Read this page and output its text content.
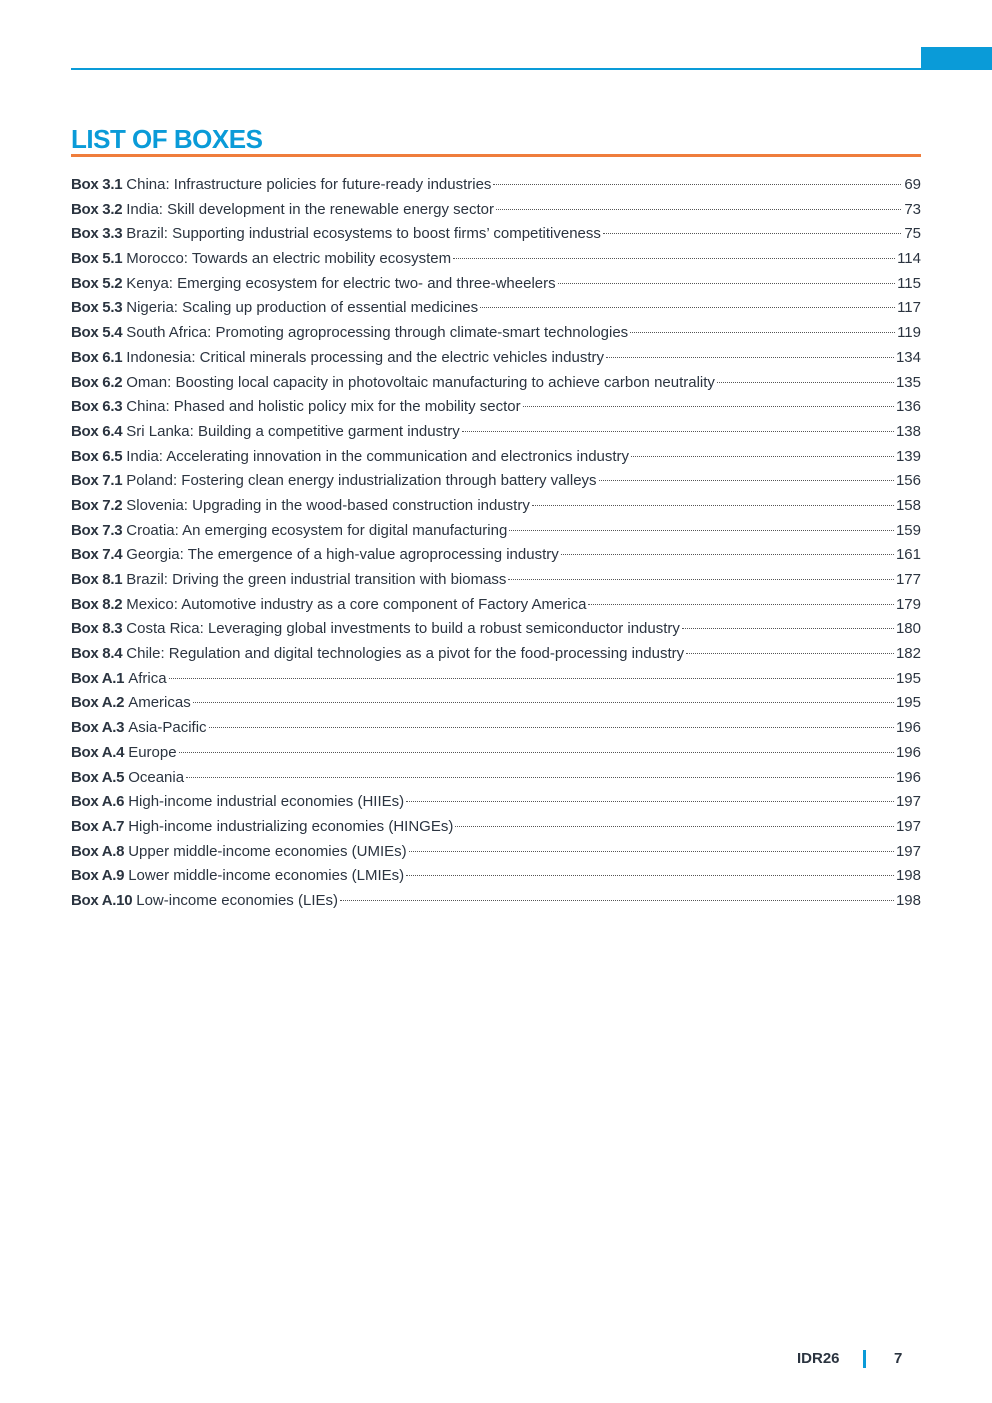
LIST OF BOXES
Box 3.1 China: Infrastructure policies for future-ready industries	69
Box 3.2 India: Skill development in the renewable energy sector	73
Box 3.3 Brazil: Supporting industrial ecosystems to boost firms’ competitiveness	75
Box 5.1 Morocco: Towards an electric mobility ecosystem	114
Box 5.2 Kenya: Emerging ecosystem for electric two- and three-wheelers	115
Box 5.3 Nigeria: Scaling up production of essential medicines	117
Box 5.4 South Africa: Promoting agroprocessing through climate-smart technologies	119
Box 6.1 Indonesia: Critical minerals processing and the electric vehicles industry	134
Box 6.2 Oman: Boosting local capacity in photovoltaic manufacturing to achieve carbon neutrality	135
Box 6.3 China: Phased and holistic policy mix for the mobility sector	136
Box 6.4 Sri Lanka: Building a competitive garment industry	138
Box 6.5 India: Accelerating innovation in the communication and electronics industry	139
Box 7.1 Poland: Fostering clean energy industrialization through battery valleys	156
Box 7.2 Slovenia: Upgrading in the wood-based construction industry	158
Box 7.3 Croatia: An emerging ecosystem for digital manufacturing	159
Box 7.4 Georgia: The emergence of a high-value agroprocessing industry	161
Box 8.1 Brazil: Driving the green industrial transition with biomass	177
Box 8.2 Mexico: Automotive industry as a core component of Factory America	179
Box 8.3 Costa Rica: Leveraging global investments to build a robust semiconductor industry	180
Box 8.4 Chile: Regulation and digital technologies as a pivot for the food-processing industry	182
Box A.1 Africa	195
Box A.2 Americas	195
Box A.3 Asia-Pacific	196
Box A.4 Europe	196
Box A.5 Oceania	196
Box A.6 High-income industrial economies (HIIEs)	197
Box A.7 High-income industrializing economies (HINGEs)	197
Box A.8 Upper middle-income economies (UMIEs)	197
Box A.9 Lower middle-income economies (LMIEs)	198
Box A.10 Low-income economies (LIEs)	198
IDR26	7
